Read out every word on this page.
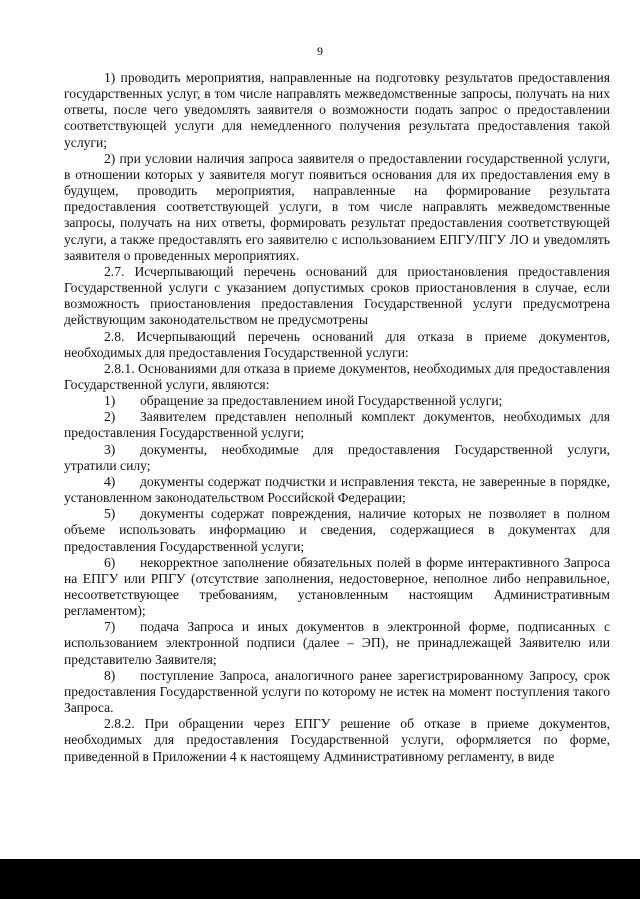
9

1) проводить мероприятия, направленные на подготовку результатов предоставления государственных услуг, в том числе направлять межведомственные запросы, получать на них ответы, после чего уведомлять заявителя о возможности подать запрос о предоставлении соответствующей услуги для немедленного получения результата предоставления такой услуги;

2) при условии наличия запроса заявителя о предоставлении государственной услуги, в отношении которых у заявителя могут появиться основания для их предоставления ему в будущем, проводить мероприятия, направленные на формирование результата предоставления соответствующей услуги, в том числе направлять межведомственные запросы, получать на них ответы, формировать результат предоставления соответствующей услуги, а также предоставлять его заявителю с использованием ЕПГУ/ПГУ ЛО и уведомлять заявителя о проведенных мероприятиях.

2.7. Исчерпывающий перечень оснований для приостановления предоставления Государственной услуги с указанием допустимых сроков приостановления в случае, если возможность приостановления предоставления Государственной услуги предусмотрена действующим законодательством не предусмотрены

2.8. Исчерпывающий перечень оснований для отказа в приеме документов, необходимых для предоставления Государственной услуги:

2.8.1. Основаниями для отказа в приеме документов, необходимых для предоставления Государственной услуги, являются:

1) обращение за предоставлением иной Государственной услуги;

2) Заявителем представлен неполный комплект документов, необходимых для предоставления Государственной услуги;

3) документы, необходимые для предоставления Государственной услуги, утратили силу;

4) документы содержат подчистки и исправления текста, не заверенные в порядке, установленном законодательством Российской Федерации;

5) документы содержат повреждения, наличие которых не позволяет в полном объеме использовать информацию и сведения, содержащиеся в документах для предоставления Государственной услуги;

6) некорректное заполнение обязательных полей в форме интерактивного Запроса на ЕПГУ или РПГУ (отсутствие заполнения, недостоверное, неполное либо неправильное, несоответствующее требованиям, установленным настоящим Административным регламентом);

7) подача Запроса и иных документов в электронной форме, подписанных с использованием электронной подписи (далее – ЭП), не принадлежащей Заявителю или представителю Заявителя;

8) поступление Запроса, аналогичного ранее зарегистрированному Запросу, срок предоставления Государственной услуги по которому не истек на момент поступления такого Запроса.

2.8.2. При обращении через ЕПГУ решение об отказе в приеме документов, необходимых для предоставления Государственной услуги, оформляется по форме, приведенной в Приложении 4 к настоящему Административному регламенту, в виде
